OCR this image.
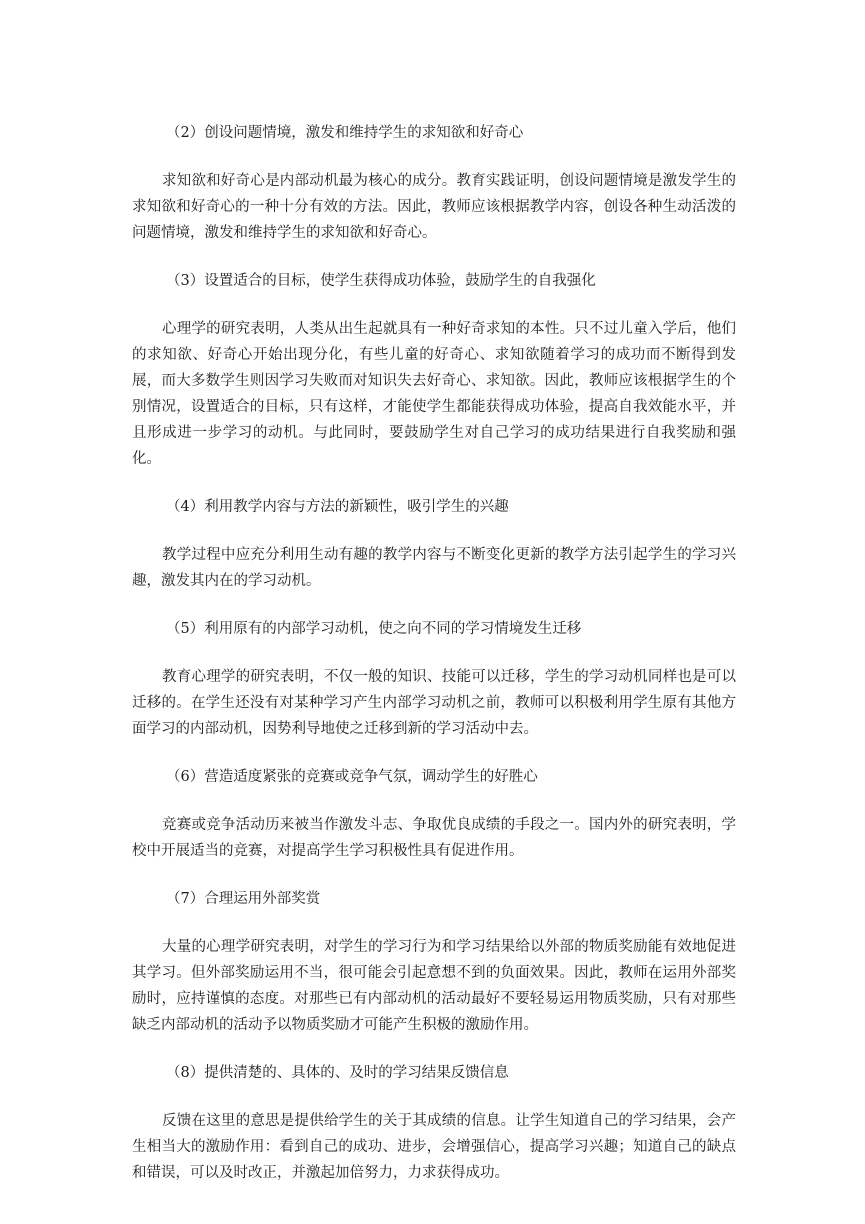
（2）创设问题情境，激发和维持学生的求知欲和好奇心
求知欲和好奇心是内部动机最为核心的成分。教育实践证明，创设问题情境是激发学生的求知欲和好奇心的一种十分有效的方法。因此，教师应该根据教学内容，创设各种生动活泼的问题情境，激发和维持学生的求知欲和好奇心。
（3）设置适合的目标，使学生获得成功体验，鼓励学生的自我强化
心理学的研究表明，人类从出生起就具有一种好奇求知的本性。只不过儿童入学后，他们的求知欲、好奇心开始出现分化，有些儿童的好奇心、求知欲随着学习的成功而不断得到发展，而大多数学生则因学习失败而对知识失去好奇心、求知欲。因此，教师应该根据学生的个别情况，设置适合的目标，只有这样，才能使学生都能获得成功体验，提高自我效能水平，并且形成进一步学习的动机。与此同时，要鼓励学生对自己学习的成功结果进行自我奖励和强化。
（4）利用教学内容与方法的新颖性，吸引学生的兴趣
教学过程中应充分利用生动有趣的教学内容与不断变化更新的教学方法引起学生的学习兴趣，激发其内在的学习动机。
（5）利用原有的内部学习动机，使之向不同的学习情境发生迁移
教育心理学的研究表明，不仅一般的知识、技能可以迁移，学生的学习动机同样也是可以迁移的。在学生还没有对某种学习产生内部学习动机之前，教师可以积极利用学生原有其他方面学习的内部动机，因势利导地使之迁移到新的学习活动中去。
（6）营造适度紧张的竞赛或竞争气氛，调动学生的好胜心
竞赛或竞争活动历来被当作激发斗志、争取优良成绩的手段之一。国内外的研究表明，学校中开展适当的竞赛，对提高学生学习积极性具有促进作用。
（7）合理运用外部奖赏
大量的心理学研究表明，对学生的学习行为和学习结果给以外部的物质奖励能有效地促进其学习。但外部奖励运用不当，很可能会引起意想不到的负面效果。因此，教师在运用外部奖励时，应持谨慎的态度。对那些已有内部动机的活动最好不要轻易运用物质奖励，只有对那些缺乏内部动机的活动予以物质奖励才可能产生积极的激励作用。
（8）提供清楚的、具体的、及时的学习结果反馈信息
反馈在这里的意思是提供给学生的关于其成绩的信息。让学生知道自己的学习结果，会产生相当大的激励作用：看到自己的成功、进步，会增强信心，提高学习兴趣；知道自己的缺点和错误，可以及时改正，并激起加倍努力，力求获得成功。
